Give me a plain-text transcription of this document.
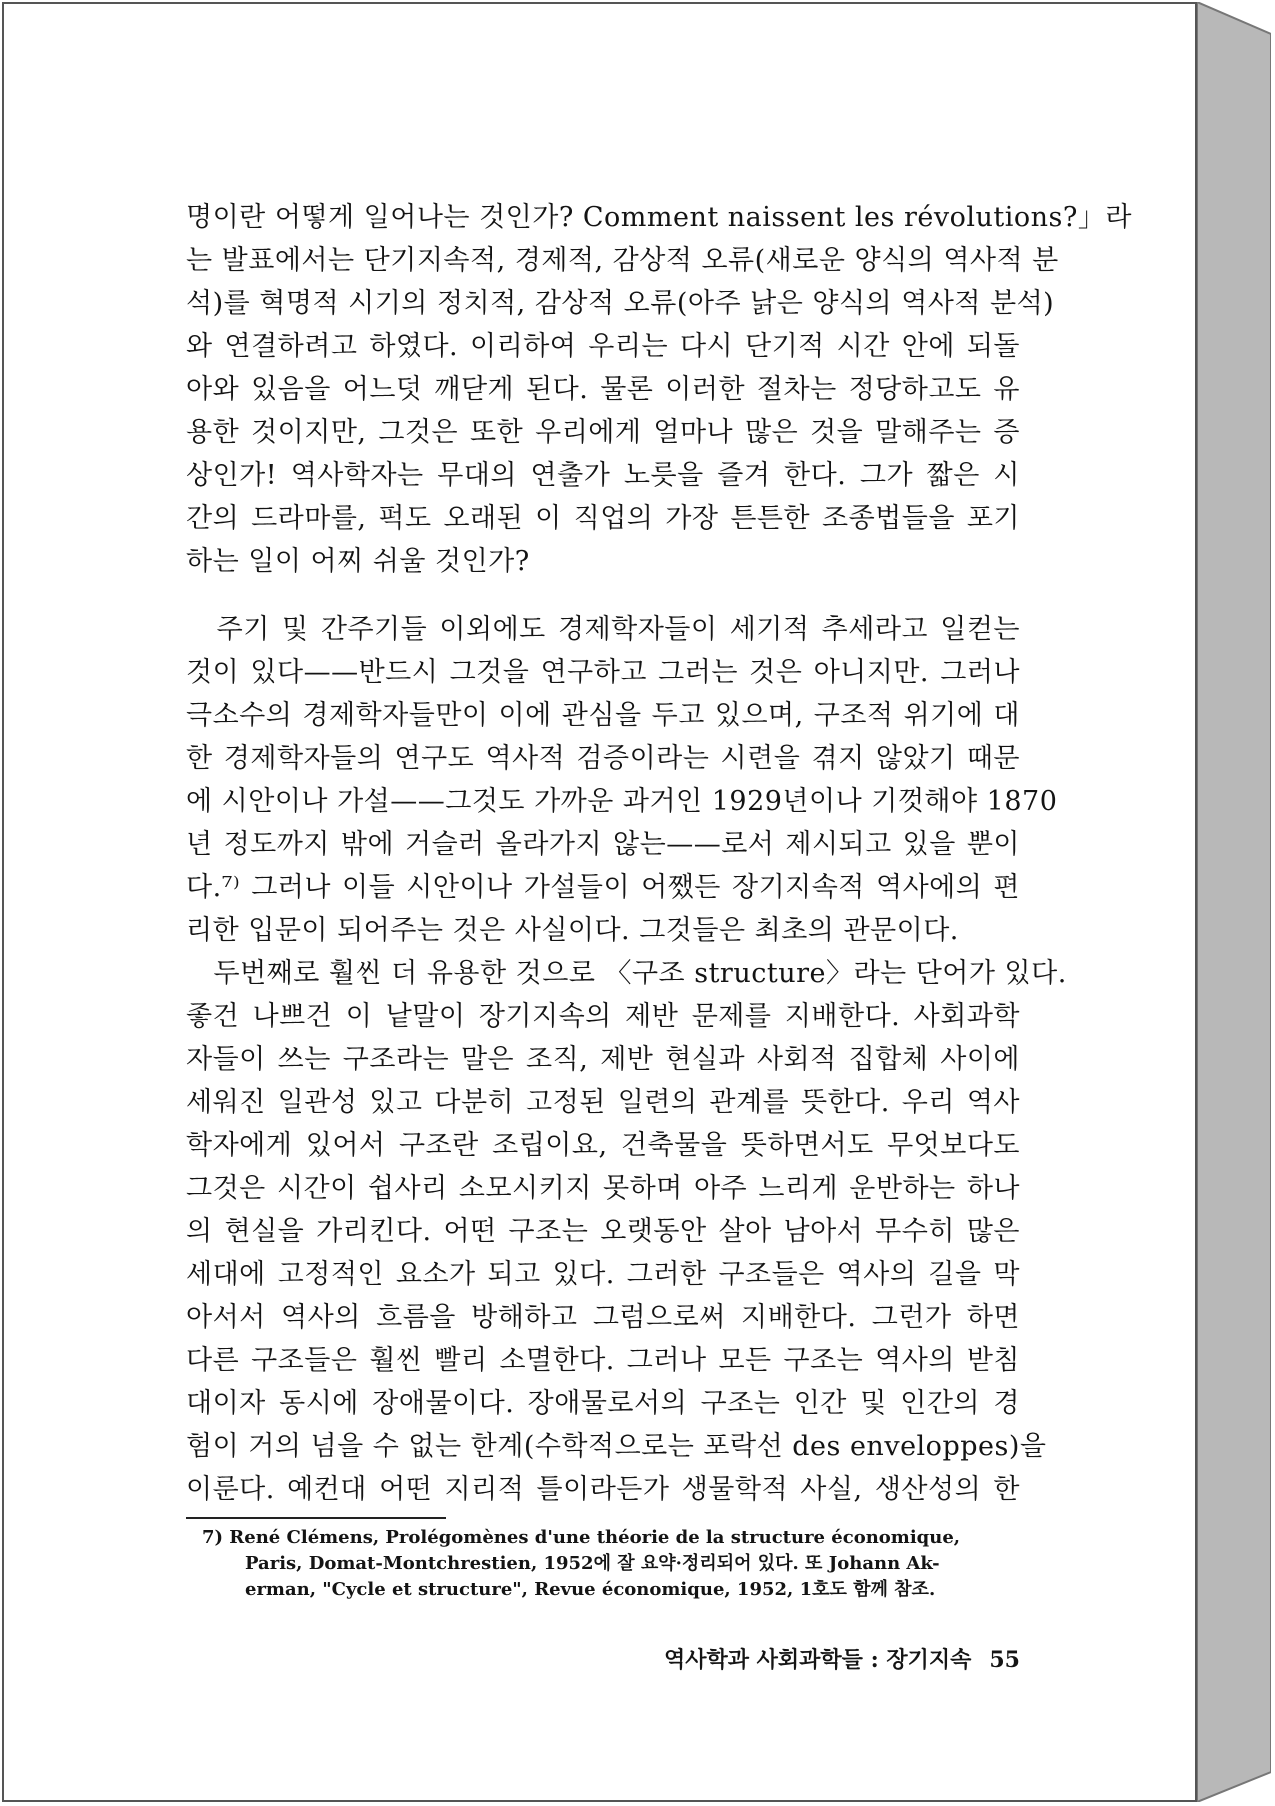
명이란 어떻게 일어나는 것인가? Comment naissent les révolutions?」라
는 발표에서는 단기지속적, 경제적, 감상적 오류(새로운 양식의 역사적 분
석)를 혁명적 시기의 정치적, 감상적 오류(아주 낡은 양식의 역사적 분석)
와 연결하려고 하였다. 이리하여 우리는 다시 단기적 시간 안에 되돌
아와 있음을 어느덧 깨닫게 된다. 물론 이러한 절차는 정당하고도 유
용한 것이지만, 그것은 또한 우리에게 얼마나 많은 것을 말해주는 증
상인가! 역사학자는 무대의 연출가 노릇을 즐겨 한다. 그가 짧은 시
간의 드라마를, 퍽도 오래된 이 직업의 가장 튼튼한 조종법들을 포기
하는 일이 어찌 쉬울 것인가?
　주기 및 간주기들 이외에도 경제학자들이 세기적 추세라고 일컫는
것이 있다——반드시 그것을 연구하고 그러는 것은 아니지만. 그러나
극소수의 경제학자들만이 이에 관심을 두고 있으며, 구조적 위기에 대
한 경제학자들의 연구도 역사적 검증이라는 시련을 겪지 않았기 때문
에 시안이나 가설——그것도 가까운 과거인 1929년이나 기껏해야 1870
년 정도까지 밖에 거슬러 올라가지 않는——로서 제시되고 있을 뿐이
다.⁷⁾ 그러나 이들 시안이나 가설들이 어쨌든 장기지속적 역사에의 편
리한 입문이 되어주는 것은 사실이다. 그것들은 최초의 관문이다.
　두번째로 훨씬 더 유용한 것으로 〈구조 structure〉라는 단어가 있다.
좋건 나쁘건 이 낱말이 장기지속의 제반 문제를 지배한다. 사회과학
자들이 쓰는 구조라는 말은 조직, 제반 현실과 사회적 집합체 사이에
세워진 일관성 있고 다분히 고정된 일련의 관계를 뜻한다. 우리 역사
학자에게 있어서 구조란 조립이요, 건축물을 뜻하면서도 무엇보다도
그것은 시간이 쉽사리 소모시키지 못하며 아주 느리게 운반하는 하나
의 현실을 가리킨다. 어떤 구조는 오랫동안 살아 남아서 무수히 많은
세대에 고정적인 요소가 되고 있다. 그러한 구조들은 역사의 길을 막
아서서 역사의 흐름을 방해하고 그럼으로써 지배한다. 그런가 하면
다른 구조들은 훨씬 빨리 소멸한다. 그러나 모든 구조는 역사의 받침
대이자 동시에 장애물이다. 장애물로서의 구조는 인간 및 인간의 경
험이 거의 넘을 수 없는 한계(수학적으로는 포락선 des enveloppes)을
이룬다. 예컨대 어떤 지리적 틀이라든가 생물학적 사실, 생산성의 한
7) René Clémens, Prolégomènes d'une théorie de la structure économique,
Paris, Domat-Montchrestien, 1952에 잘 요약·정리되어 있다. 또 Johann Ak-
erman, "Cycle et structure", Revue économique, 1952, 1호도 함께 참조.
역사학과 사회과학들 : 장기지속 55
